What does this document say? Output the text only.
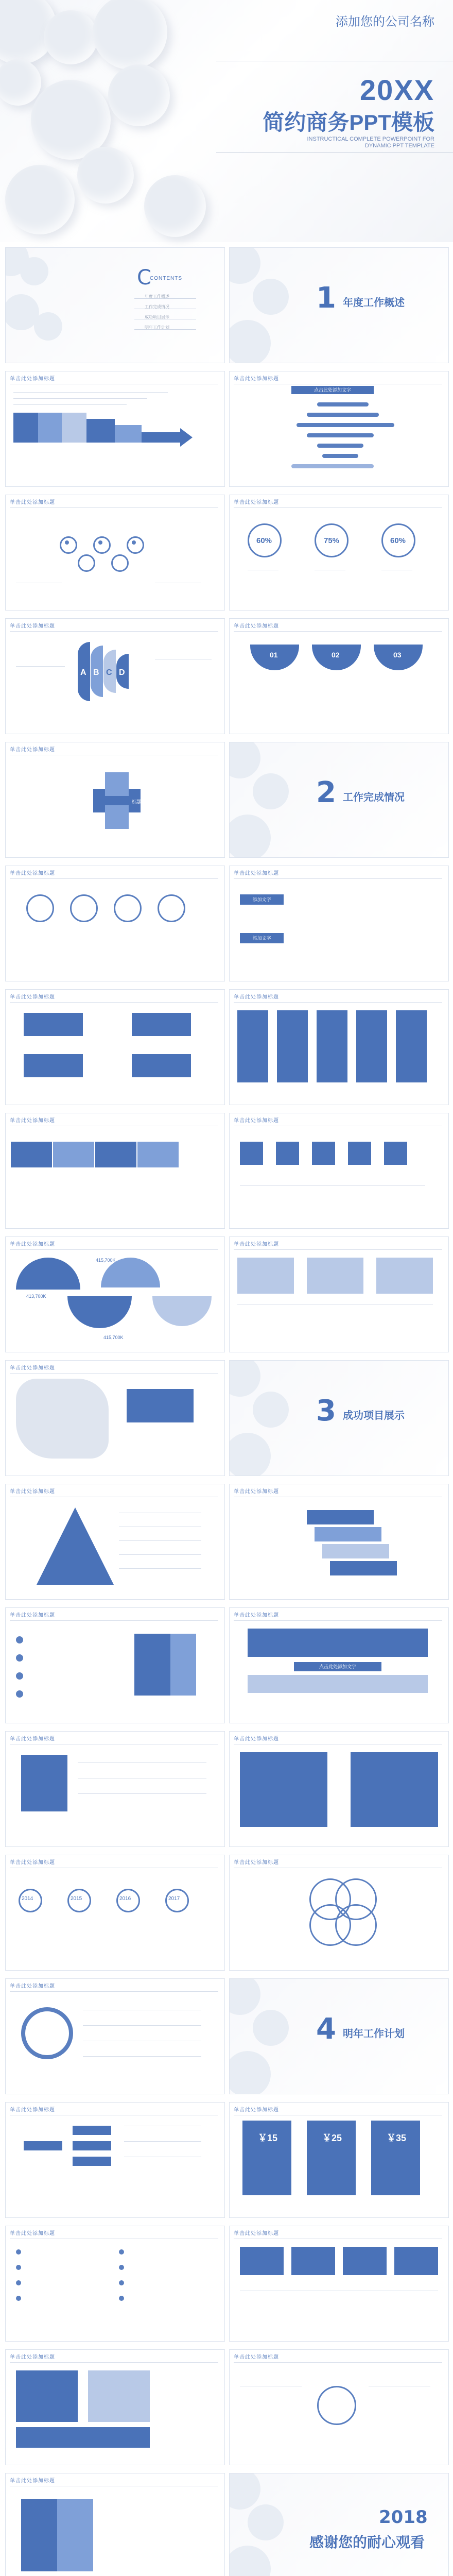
添加您的公司名称
20XX
简约商务PPT模板
INSTRUCTICAL COMPLETE POWERPOINT FOR DYNAMIC PPT TEMPLATE
C
CONTENTS
年度工作概述
工作完成情况
成功项目展示
明年工作计划
1 年度工作概述
单击此处添加标题	单击此处添加标题
点击此处添加文字
单击此处添加标题	单击此处添加标题
60%	75%	60%
单击此处添加标题
A B C D
单击此处添加标题
01	02	03
单击此处添加标题
标题	2 工作完成情况
单击此处添加标题	单击此处添加标题
添加文字
添加文字
单击此处添加标题	单击此处添加标题
单击此处添加标题	单击此处添加标题
单击此处添加标题
415,700K
413,700K
415,700K
单击此处添加标题
单击此处添加标题
3 成功项目展示
单击此处添加标题	单击此处添加标题
单击此处添加标题	单击此处添加标题
点击此处添加文字
单击此处添加标题	单击此处添加标题
单击此处添加标题
2014	2015	2016	2017
单击此处添加标题
单击此处添加标题
4 明年工作计划
单击此处添加标题	单击此处添加标题
￥15	￥25	￥35
单击此处添加标题	单击此处添加标题
单击此处添加标题	单击此处添加标题
单击此处添加标题
2018
感谢您的耐心观看
